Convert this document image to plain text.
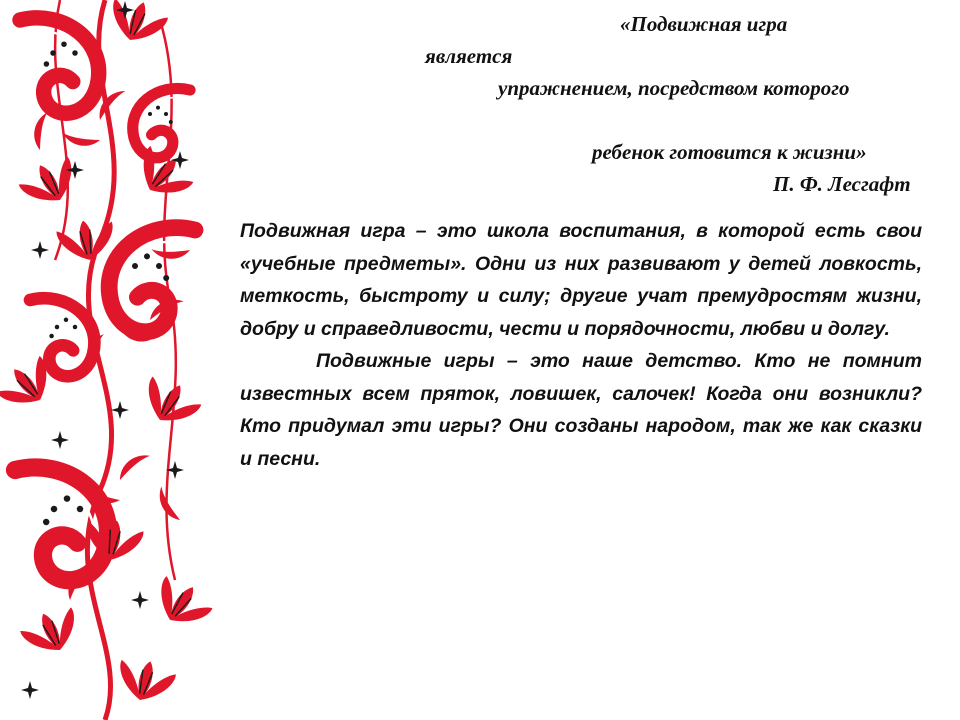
«Подвижная игра
является
упражнением, посредством которого
ребенок готовится к жизни»
П. Ф. Лесгафт

Подвижная игра – это школа воспитания, в которой есть свои «учебные предметы». Одни из них развивают у детей ловкость, меткость, быстроту и силу; другие учат премудростям жизни, добру и справедливости, чести и порядочности, любви и долгу.

Подвижные игры – это наше детство. Кто не помнит известных всем пряток, ловишек, салочек! Когда они возникли? Кто придумал эти игры? Они созданы народом, так же как сказки и песни.
